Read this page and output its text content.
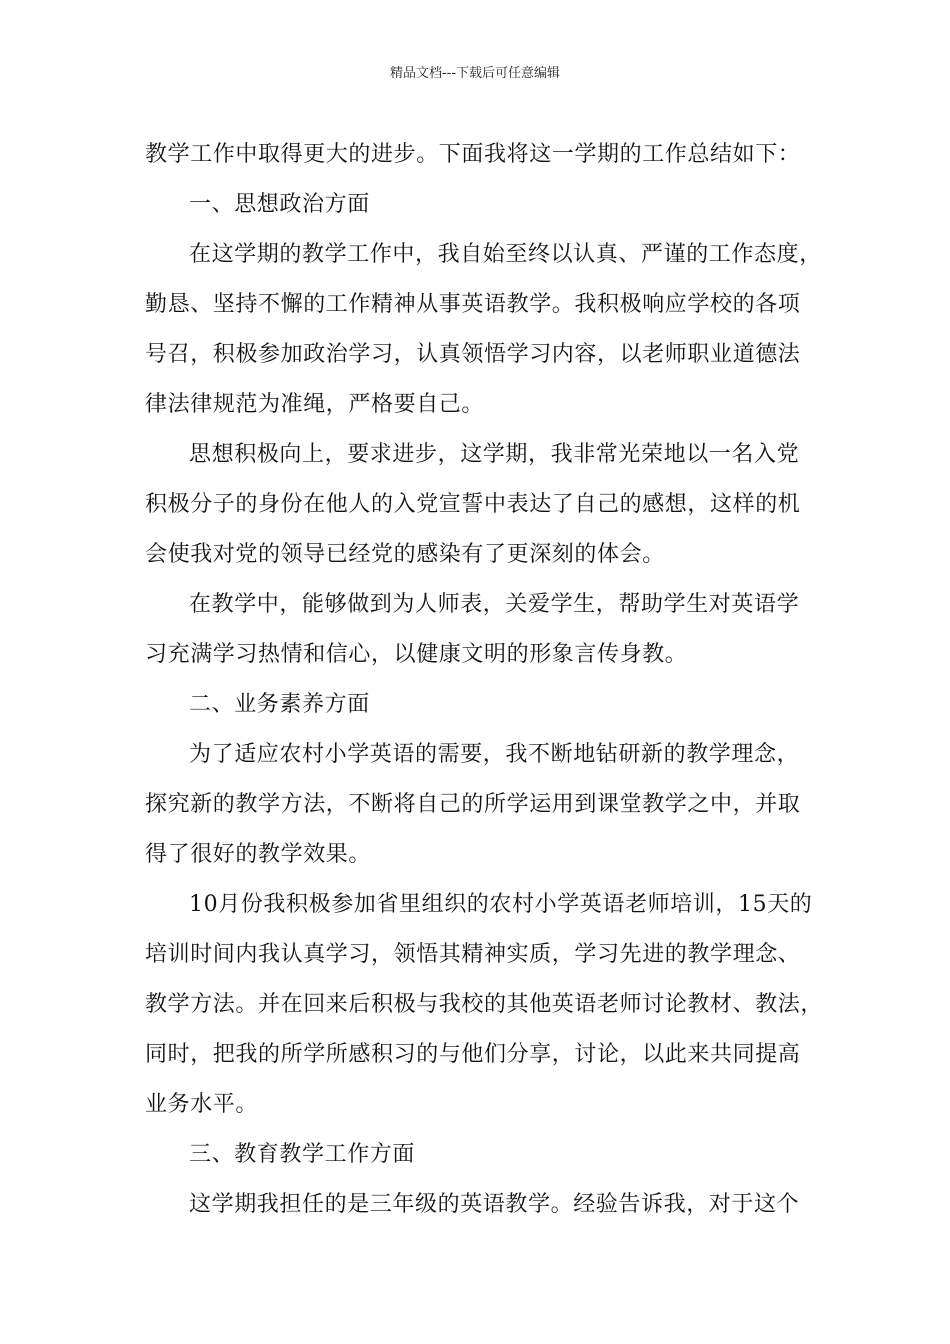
精品文档---下载后可任意编辑
教学工作中取得更大的进步。下面我将这一学期的工作总结如下：
一、思想政治方面
在这学期的教学工作中，我自始至终以认真、严谨的工作态度，
勤恳、坚持不懈的工作精神从事英语教学。我积极响应学校的各项
号召，积极参加政治学习，认真领悟学习内容，以老师职业道德法
律法律规范为准绳，严格要自己。
思想积极向上，要求进步，这学期，我非常光荣地以一名入党
积极分子的身份在他人的入党宣誓中表达了自己的感想，这样的机
会使我对党的领导已经党的感染有了更深刻的体会。
在教学中，能够做到为人师表，关爱学生，帮助学生对英语学
习充满学习热情和信心，以健康文明的形象言传身教。
二、业务素养方面
为了适应农村小学英语的需要，我不断地钻研新的教学理念，
探究新的教学方法，不断将自己的所学运用到课堂教学之中，并取
得了很好的教学效果。
10月份我积极参加省里组织的农村小学英语老师培训，15天的
培训时间内我认真学习，领悟其精神实质，学习先进的教学理念、
教学方法。并在回来后积极与我校的其他英语老师讨论教材、教法，
同时，把我的所学所感积习的与他们分享，讨论，以此来共同提高
业务水平。
三、教育教学工作方面
这学期我担任的是三年级的英语教学。经验告诉我，对于这个
